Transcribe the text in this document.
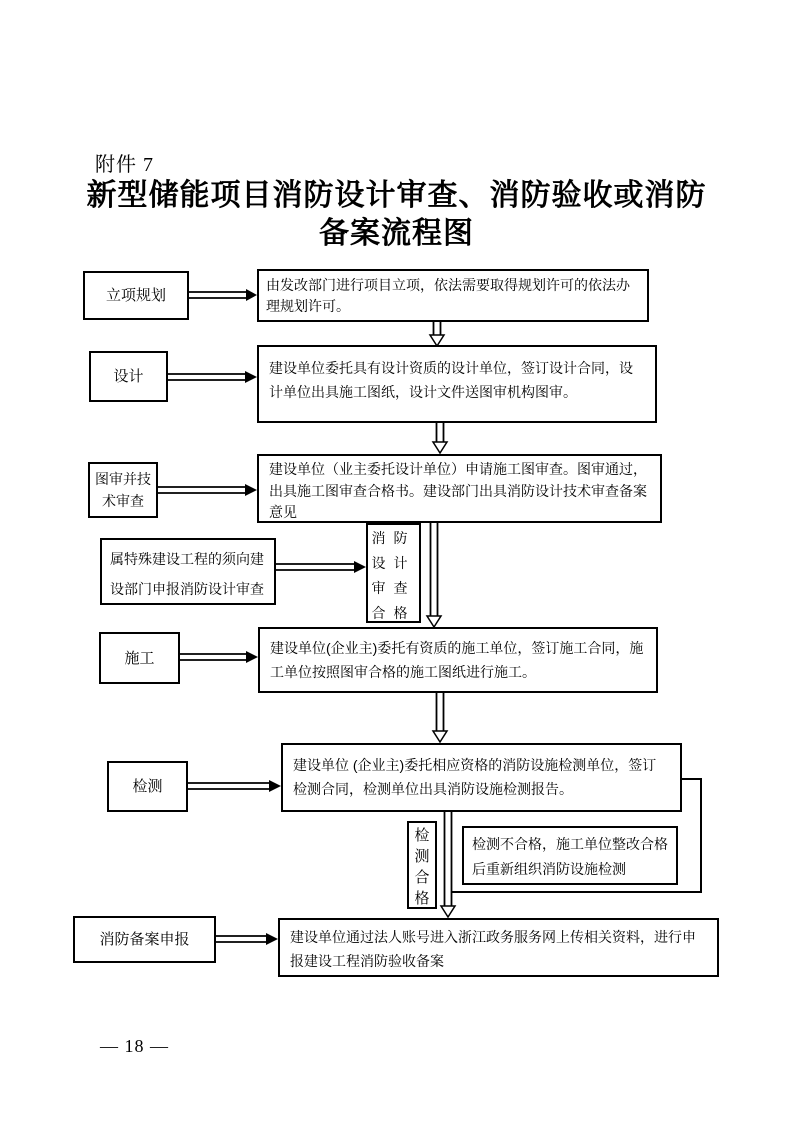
附件 7
新型储能项目消防设计审查、消防验收或消防
备案流程图
立项规划
由发改部门进行项目立项，依法需要取得规划许可的依法办理规划许可。
设计	建设单位委托具有设计资质的设计单位，签订设计合同，设计单位出具施工图纸，设计文件送图审机构图审。
图审并技术审查
建设单位（业主委托设计单位）申请施工图审查。图审通过，出具施工图审查合格书。建设部门出具消防设计技术审查备案意见
属特殊建设工程的须向建设部门申报消防设计审查
消防设计审查合格
施工
建设单位(企业主)委托有资质的施工单位，签订施工合同，施工单位按照图审合格的施工图纸进行施工。
检测
建设单位 (企业主)委托相应资格的消防设施检测单位，签订检测合同，检测单位出具消防设施检测报告。
检测合格
检测不合格，施工单位整改合格后重新组织消防设施检测
消防备案申报	建设单位通过法人账号进入浙江政务服务网上传相关资料，进行申报建设工程消防验收备案
— 18 —
